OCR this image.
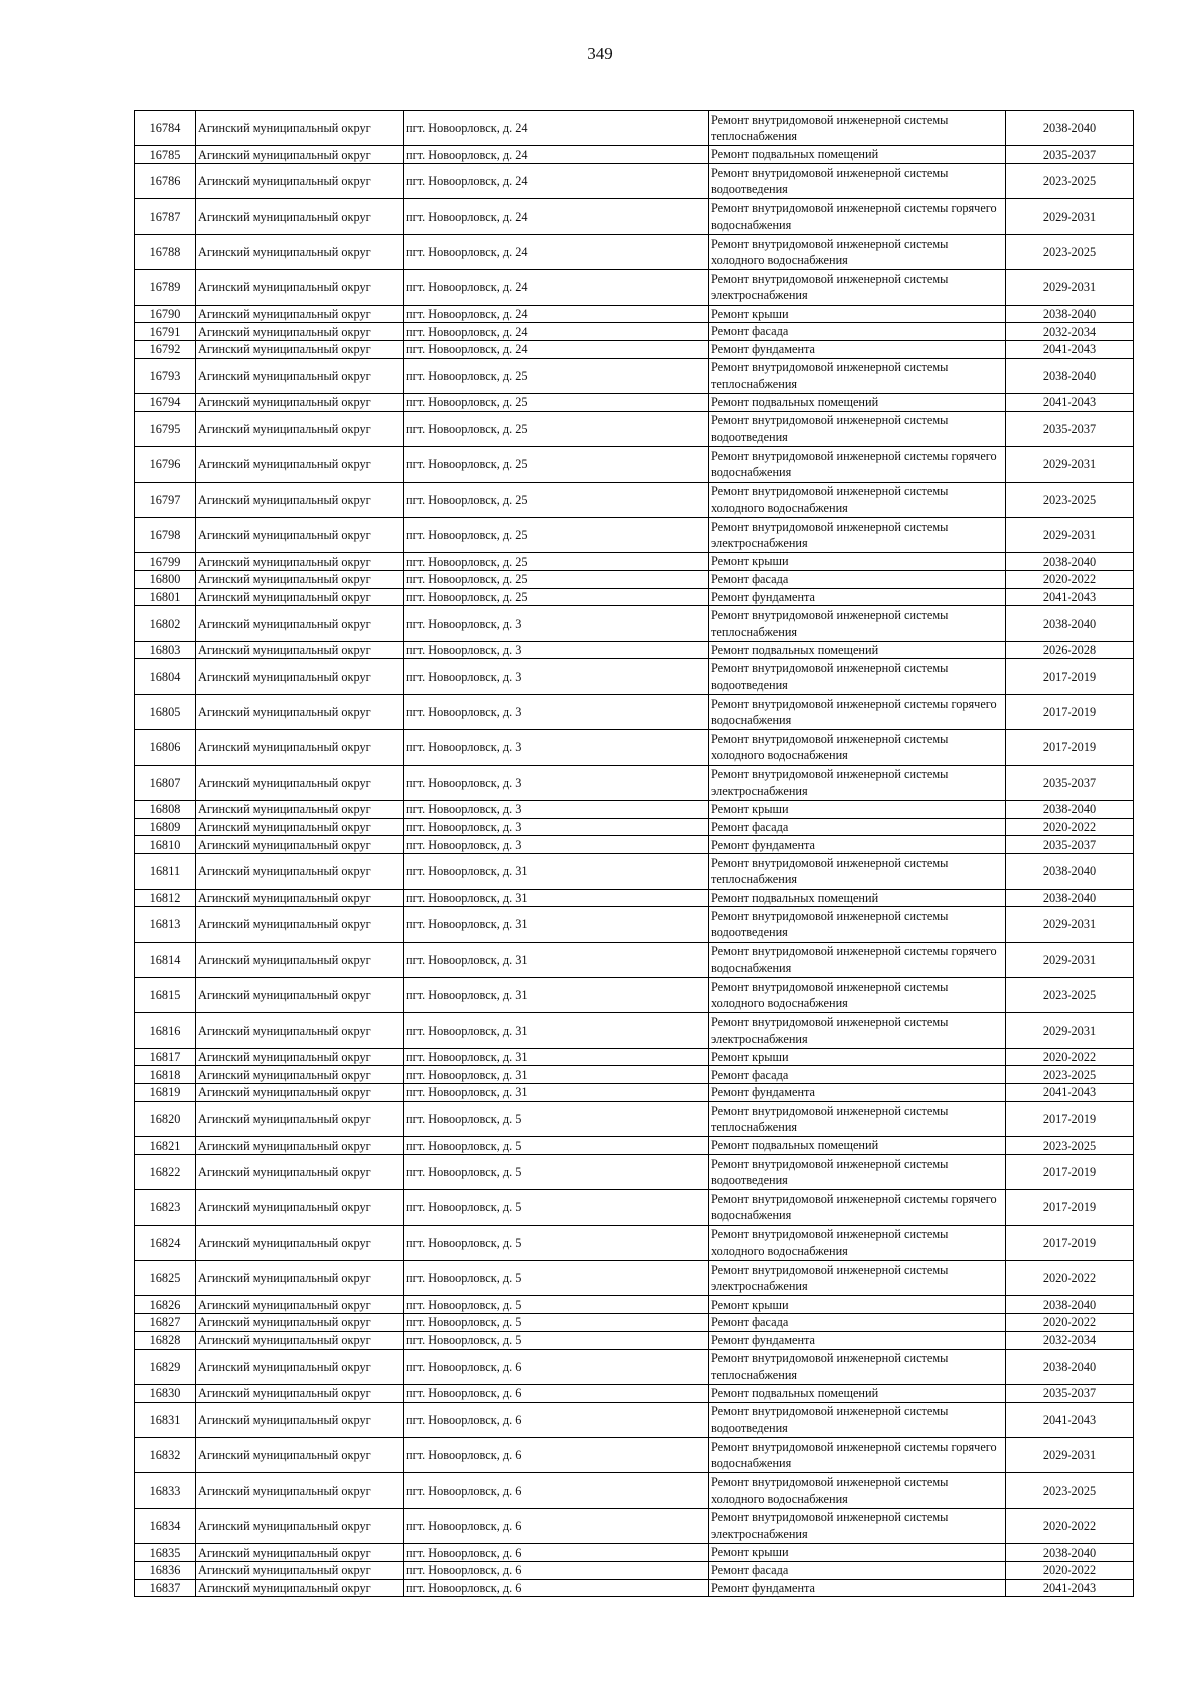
349
16784	Агинский муниципальный округ	пгт. Новоорловск, д. 24	Ремонт внутридомовой инженерной системы теплоснабжения	2038-2040
16785	Агинский муниципальный округ	пгт. Новоорловск, д. 24	Ремонт подвальных помещений	2035-2037
16786	Агинский муниципальный округ	пгт. Новоорловск, д. 24	Ремонт внутридомовой инженерной системы водоотведения	2023-2025
16787	Агинский муниципальный округ	пгт. Новоорловск, д. 24	Ремонт внутридомовой инженерной системы горячего водоснабжения	2029-2031
16788	Агинский муниципальный округ	пгт. Новоорловск, д. 24	Ремонт внутридомовой инженерной системы холодного водоснабжения	2023-2025
16789	Агинский муниципальный округ	пгт. Новоорловск, д. 24	Ремонт внутридомовой инженерной системы электроснабжения	2029-2031
16790	Агинский муниципальный округ	пгт. Новоорловск, д. 24	Ремонт крыши	2038-2040
16791	Агинский муниципальный округ	пгт. Новоорловск, д. 24	Ремонт фасада	2032-2034
16792	Агинский муниципальный округ	пгт. Новоорловск, д. 24	Ремонт фундамента	2041-2043
16793	Агинский муниципальный округ	пгт. Новоорловск, д. 25	Ремонт внутридомовой инженерной системы теплоснабжения	2038-2040
16794	Агинский муниципальный округ	пгт. Новоорловск, д. 25	Ремонт подвальных помещений	2041-2043
16795	Агинский муниципальный округ	пгт. Новоорловск, д. 25	Ремонт внутридомовой инженерной системы водоотведения	2035-2037
16796	Агинский муниципальный округ	пгт. Новоорловск, д. 25	Ремонт внутридомовой инженерной системы горячего водоснабжения	2029-2031
16797	Агинский муниципальный округ	пгт. Новоорловск, д. 25	Ремонт внутридомовой инженерной системы холодного водоснабжения	2023-2025
16798	Агинский муниципальный округ	пгт. Новоорловск, д. 25	Ремонт внутридомовой инженерной системы электроснабжения	2029-2031
16799	Агинский муниципальный округ	пгт. Новоорловск, д. 25	Ремонт крыши	2038-2040
16800	Агинский муниципальный округ	пгт. Новоорловск, д. 25	Ремонт фасада	2020-2022
16801	Агинский муниципальный округ	пгт. Новоорловск, д. 25	Ремонт фундамента	2041-2043
16802	Агинский муниципальный округ	пгт. Новоорловск, д. 3	Ремонт внутридомовой инженерной системы теплоснабжения	2038-2040
16803	Агинский муниципальный округ	пгт. Новоорловск, д. 3	Ремонт подвальных помещений	2026-2028
16804	Агинский муниципальный округ	пгт. Новоорловск, д. 3	Ремонт внутридомовой инженерной системы водоотведения	2017-2019
16805	Агинский муниципальный округ	пгт. Новоорловск, д. 3	Ремонт внутридомовой инженерной системы горячего водоснабжения	2017-2019
16806	Агинский муниципальный округ	пгт. Новоорловск, д. 3	Ремонт внутридомовой инженерной системы холодного водоснабжения	2017-2019
16807	Агинский муниципальный округ	пгт. Новоорловск, д. 3	Ремонт внутридомовой инженерной системы электроснабжения	2035-2037
16808	Агинский муниципальный округ	пгт. Новоорловск, д. 3	Ремонт крыши	2038-2040
16809	Агинский муниципальный округ	пгт. Новоорловск, д. 3	Ремонт фасада	2020-2022
16810	Агинский муниципальный округ	пгт. Новоорловск, д. 3	Ремонт фундамента	2035-2037
16811	Агинский муниципальный округ	пгт. Новоорловск, д. 31	Ремонт внутридомовой инженерной системы теплоснабжения	2038-2040
16812	Агинский муниципальный округ	пгт. Новоорловск, д. 31	Ремонт подвальных помещений	2038-2040
16813	Агинский муниципальный округ	пгт. Новоорловск, д. 31	Ремонт внутридомовой инженерной системы водоотведения	2029-2031
16814	Агинский муниципальный округ	пгт. Новоорловск, д. 31	Ремонт внутридомовой инженерной системы горячего водоснабжения	2029-2031
16815	Агинский муниципальный округ	пгт. Новоорловск, д. 31	Ремонт внутридомовой инженерной системы холодного водоснабжения	2023-2025
16816	Агинский муниципальный округ	пгт. Новоорловск, д. 31	Ремонт внутридомовой инженерной системы электроснабжения	2029-2031
16817	Агинский муниципальный округ	пгт. Новоорловск, д. 31	Ремонт крыши	2020-2022
16818	Агинский муниципальный округ	пгт. Новоорловск, д. 31	Ремонт фасада	2023-2025
16819	Агинский муниципальный округ	пгт. Новоорловск, д. 31	Ремонт фундамента	2041-2043
16820	Агинский муниципальный округ	пгт. Новоорловск, д. 5	Ремонт внутридомовой инженерной системы теплоснабжения	2017-2019
16821	Агинский муниципальный округ	пгт. Новоорловск, д. 5	Ремонт подвальных помещений	2023-2025
16822	Агинский муниципальный округ	пгт. Новоорловск, д. 5	Ремонт внутридомовой инженерной системы водоотведения	2017-2019
16823	Агинский муниципальный округ	пгт. Новоорловск, д. 5	Ремонт внутридомовой инженерной системы горячего водоснабжения	2017-2019
16824	Агинский муниципальный округ	пгт. Новоорловск, д. 5	Ремонт внутридомовой инженерной системы холодного водоснабжения	2017-2019
16825	Агинский муниципальный округ	пгт. Новоорловск, д. 5	Ремонт внутридомовой инженерной системы электроснабжения	2020-2022
16826	Агинский муниципальный округ	пгт. Новоорловск, д. 5	Ремонт крыши	2038-2040
16827	Агинский муниципальный округ	пгт. Новоорловск, д. 5	Ремонт фасада	2020-2022
16828	Агинский муниципальный округ	пгт. Новоорловск, д. 5	Ремонт фундамента	2032-2034
16829	Агинский муниципальный округ	пгт. Новоорловск, д. 6	Ремонт внутридомовой инженерной системы теплоснабжения	2038-2040
16830	Агинский муниципальный округ	пгт. Новоорловск, д. 6	Ремонт подвальных помещений	2035-2037
16831	Агинский муниципальный округ	пгт. Новоорловск, д. 6	Ремонт внутридомовой инженерной системы водоотведения	2041-2043
16832	Агинский муниципальный округ	пгт. Новоорловск, д. 6	Ремонт внутридомовой инженерной системы горячего водоснабжения	2029-2031
16833	Агинский муниципальный округ	пгт. Новоорловск, д. 6	Ремонт внутридомовой инженерной системы холодного водоснабжения	2023-2025
16834	Агинский муниципальный округ	пгт. Новоорловск, д. 6	Ремонт внутридомовой инженерной системы электроснабжения	2020-2022
16835	Агинский муниципальный округ	пгт. Новоорловск, д. 6	Ремонт крыши	2038-2040
16836	Агинский муниципальный округ	пгт. Новоорловск, д. 6	Ремонт фасада	2020-2022
16837	Агинский муниципальный округ	пгт. Новоорловск, д. 6	Ремонт фундамента	2041-2043
